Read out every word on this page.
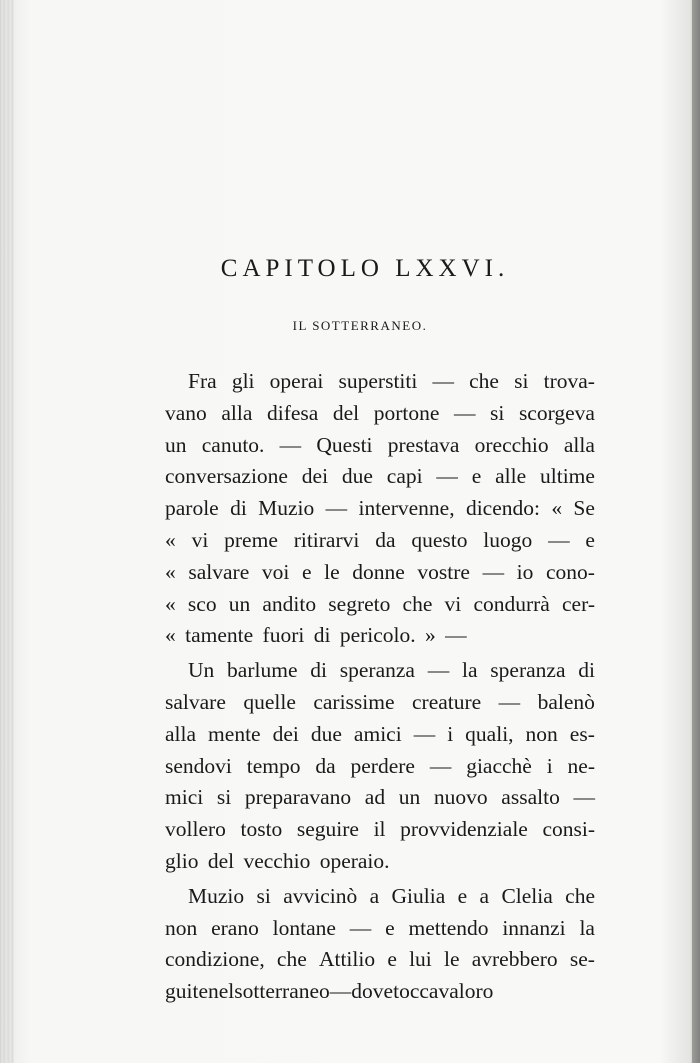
CAPITOLO LXXVI.
IL SOTTERRANEO.
Fra gli operai superstiti — che si trova-
vano alla difesa del portone — si scorgeva
un canuto. — Questi prestava orecchio alla
conversazione dei due capi — e alle ultime
parole di Muzio — intervenne, dicendo: « Se
« vi preme ritirarvi da questo luogo — e
« salvare voi e le donne vostre — io cono-
« sco un andito segreto che vi condurrà cer-
« tamente fuori di pericolo. » —
Un barlume di speranza — la speranza di
salvare quelle carissime creature — balenò
alla mente dei due amici — i quali, non es-
sendovi tempo da perdere — giacchè i ne-
mici si preparavano ad un nuovo assalto —
vollero tosto seguire il provvidenziale consi-
glio del vecchio operaio.
Muzio si avvicinò a Giulia e a Clelia che
non erano lontane — e mettendo innanzi la
condizione, che Attilio e lui le avrebbero se-
guite nel sotterraneo — dove toccava loro
